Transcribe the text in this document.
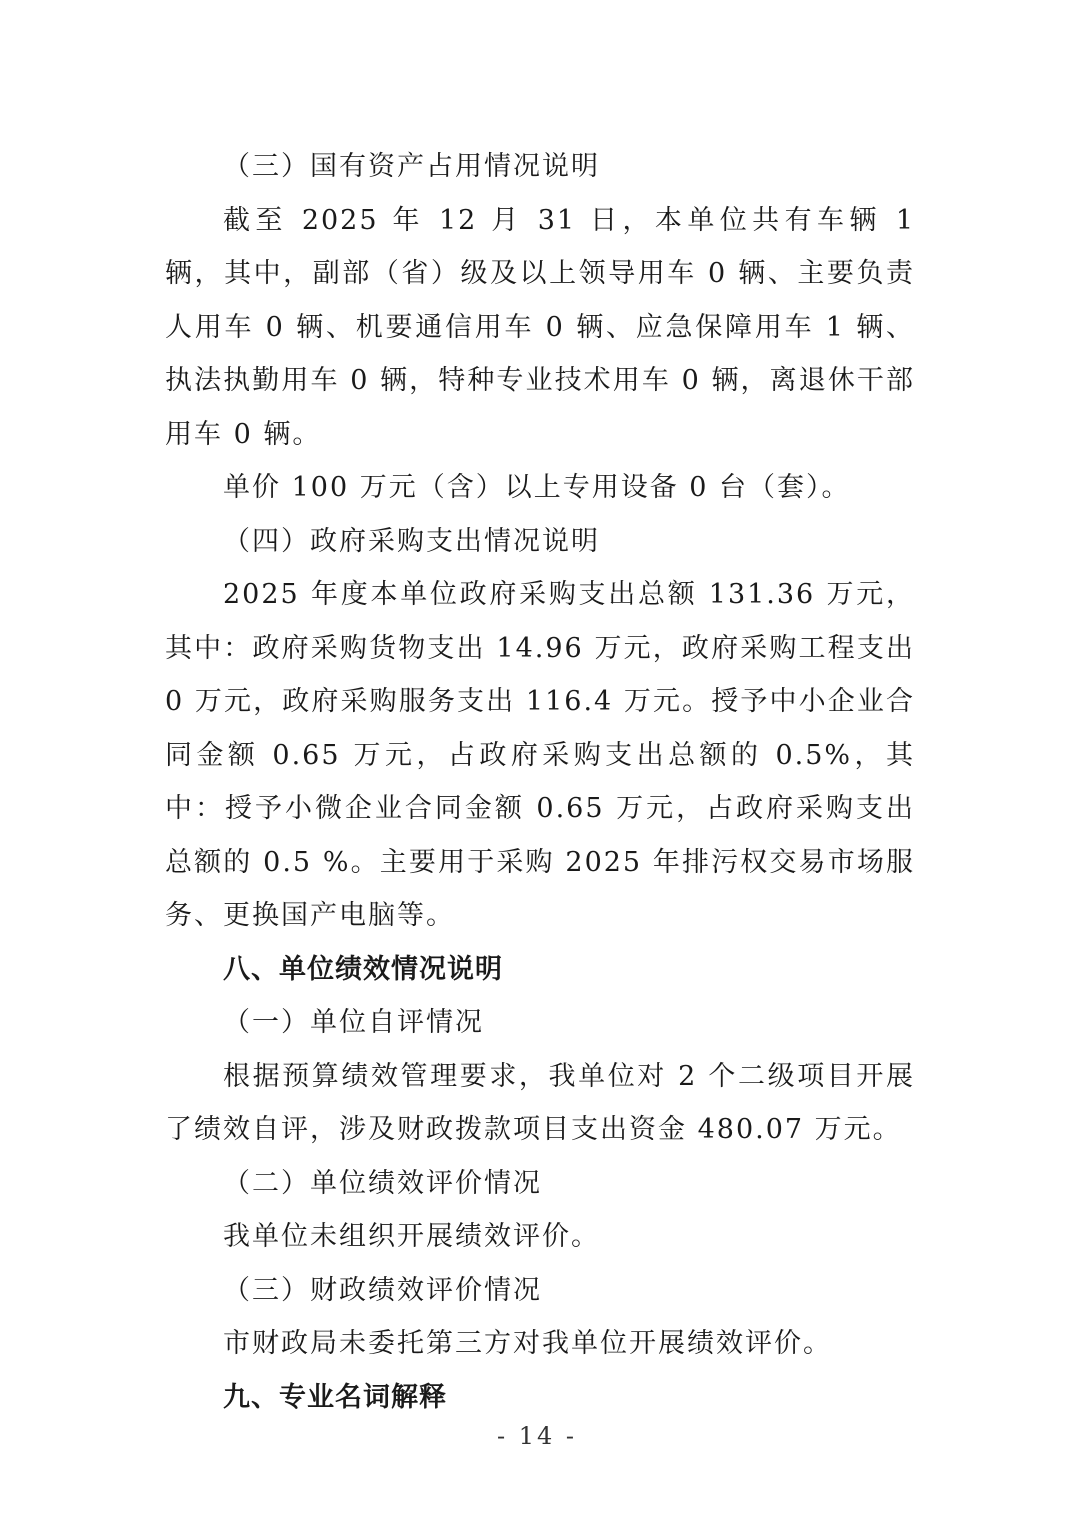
（三）国有资产占用情况说明

截至 2025 年 12 月 31 日，本单位共有车辆 1 辆，其中，副部（省）级及以上领导用车 0 辆、主要负责人用车 0 辆、机要通信用车 0 辆、应急保障用车 1 辆、执法执勤用车 0 辆，特种专业技术用车 0 辆，离退休干部用车 0 辆。

单价 100 万元（含）以上专用设备 0 台（套）。

（四）政府采购支出情况说明

2025 年度本单位政府采购支出总额 131.36 万元，其中：政府采购货物支出 14.96 万元，政府采购工程支出 0 万元，政府采购服务支出 116.4 万元。授予中小企业合同金额 0.65 万元，占政府采购支出总额的 0.5%，其中：授予小微企业合同金额 0.65 万元，占政府采购支出总额的 0.5 %。主要用于采购 2025 年排污权交易市场服务、更换国产电脑等。

八、单位绩效情况说明

（一）单位自评情况

根据预算绩效管理要求，我单位对 2 个二级项目开展了绩效自评，涉及财政拨款项目支出资金 480.07 万元。

（二）单位绩效评价情况

我单位未组织开展绩效评价。

（三）财政绩效评价情况

市财政局未委托第三方对我单位开展绩效评价。

九、专业名词解释

- 14 -
